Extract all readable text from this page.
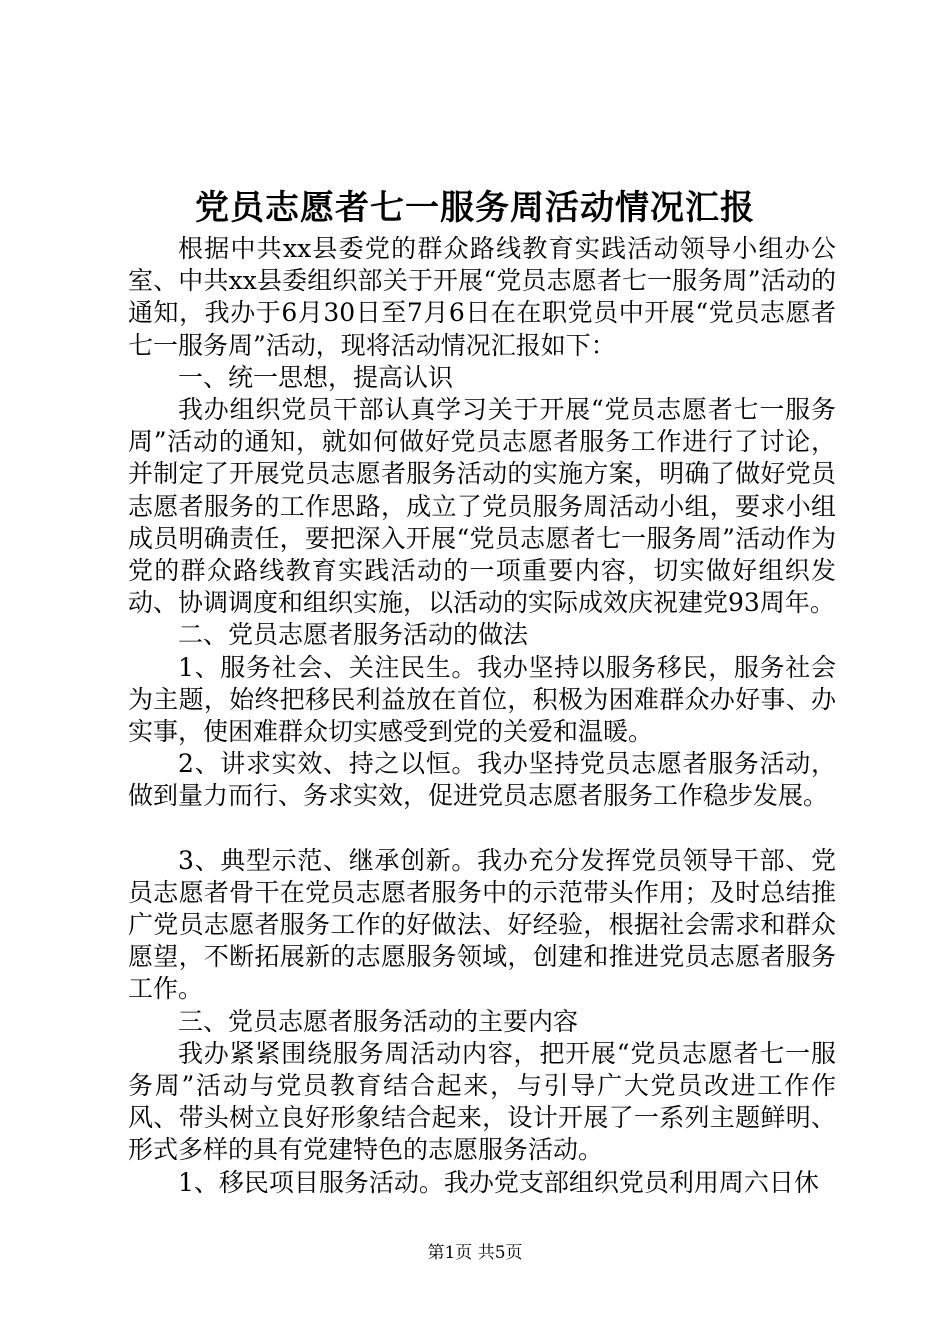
党员志愿者七一服务周活动情况汇报

根据中共xx县委党的群众路线教育实践活动领导小组办公室、中共xx县委组织部关于开展“党员志愿者七一服务周”活动的通知，我办于6月30日至7月6日在在职党员中开展“党员志愿者七一服务周”活动，现将活动情况汇报如下：

一、统一思想，提高认识

我办组织党员干部认真学习关于开展“党员志愿者七一服务周”活动的通知，就如何做好党员志愿者服务工作进行了讨论，并制定了开展党员志愿者服务活动的实施方案，明确了做好党员志愿者服务的工作思路，成立了党员服务周活动小组，要求小组成员明确责任，要把深入开展“党员志愿者七一服务周”活动作为党的群众路线教育实践活动的一项重要内容，切实做好组织发动、协调调度和组织实施，以活动的实际成效庆祝建党93周年。

二、党员志愿者服务活动的做法

1、服务社会、关注民生。我办坚持以服务移民，服务社会为主题，始终把移民利益放在首位，积极为困难群众办好事、办实事，使困难群众切实感受到党的关爱和温暖。

2、讲求实效、持之以恒。我办坚持党员志愿者服务活动，做到量力而行、务求实效，促进党员志愿者服务工作稳步发展。

3、典型示范、继承创新。我办充分发挥党员领导干部、党员志愿者骨干在党员志愿者服务中的示范带头作用；及时总结推广党员志愿者服务工作的好做法、好经验，根据社会需求和群众愿望，不断拓展新的志愿服务领域，创建和推进党员志愿者服务工作。

三、党员志愿者服务活动的主要内容

我办紧紧围绕服务周活动内容，把开展“党员志愿者七一服务周”活动与党员教育结合起来，与引导广大党员改进工作作风、带头树立良好形象结合起来，设计开展了一系列主题鲜明、形式多样的具有党建特色的志愿服务活动。

1、移民项目服务活动。我办党支部组织党员利用周六日休

第1页 共5页
